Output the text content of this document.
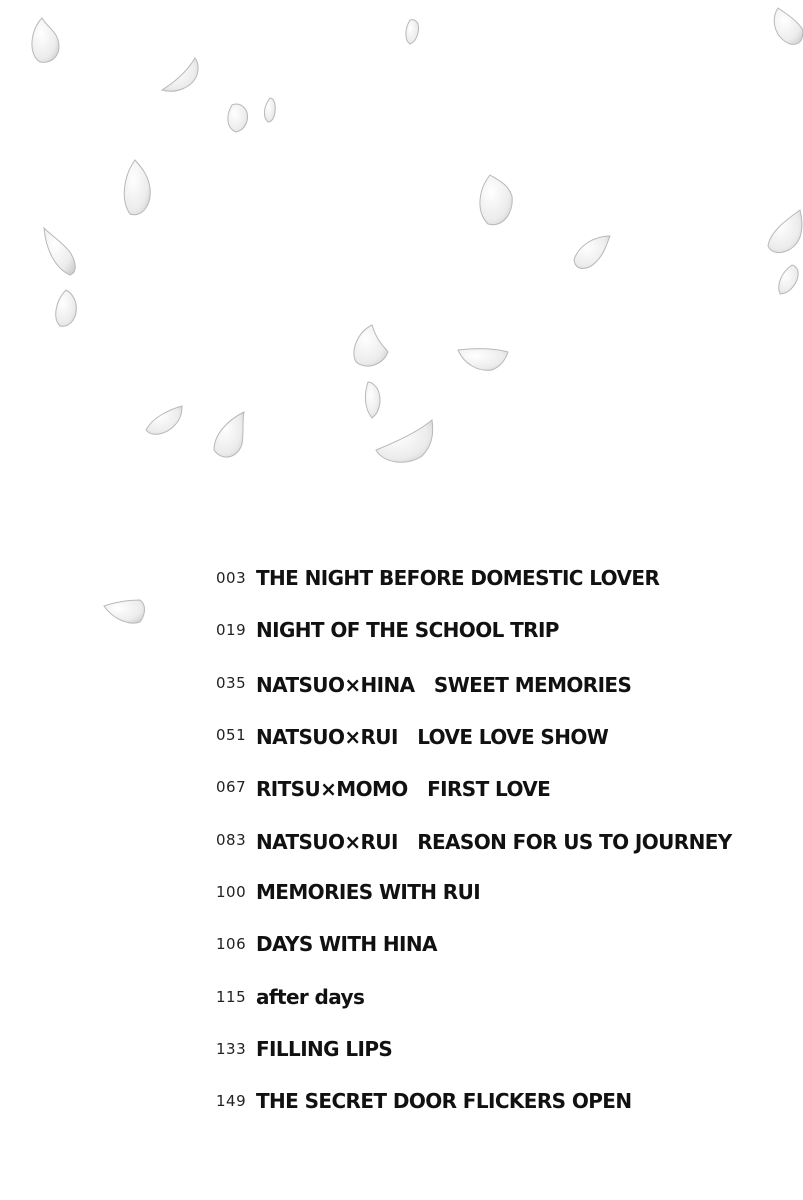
003 THE NIGHT BEFORE DOMESTIC LOVER
019 NIGHT OF THE SCHOOL TRIP
035 NATSUO×HINA　SWEET MEMORIES
051 NATSUO×RUI　LOVE LOVE SHOW
067 RITSU×MOMO　FIRST LOVE
083 NATSUO×RUI　REASON FOR US TO JOURNEY
100 MEMORIES WITH RUI
106 DAYS WITH HINA
115 after days
133 FILLING LIPS
149 THE SECRET DOOR FLICKERS OPEN
